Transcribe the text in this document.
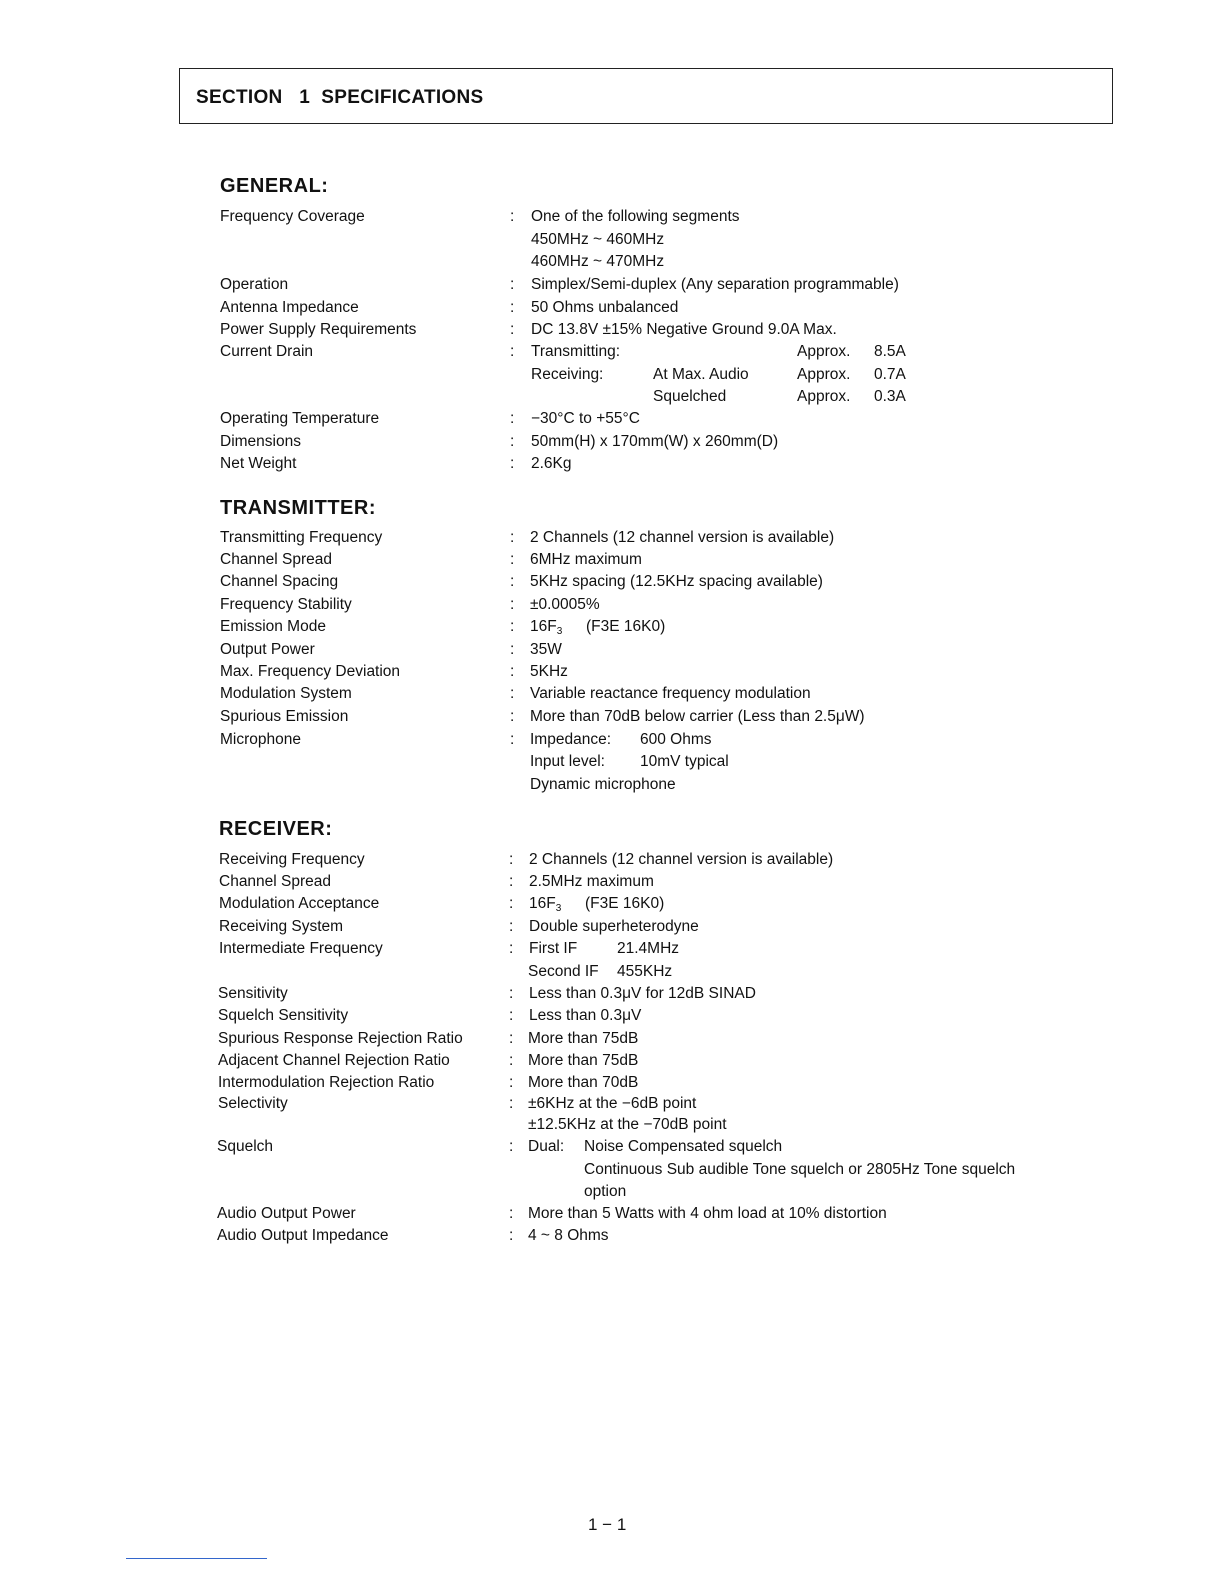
SECTION   1  SPECIFICATIONS
GENERAL:
Frequency Coverage	: One of the following segments
450MHz ~ 460MHz
460MHz ~ 470MHz
Operation	: Simplex/Semi-duplex (Any separation programmable)
Antenna Impedance	: 50 Ohms unbalanced
Power Supply Requirements	: DC 13.8V ±15% Negative Ground 9.0A Max.
Current Drain	: Transmitting:	Approx. 8.5A
Receiving:	At Max. Audio	Approx. 0.7A
Squelched	Approx. 0.3A
Operating Temperature	: −30°C to +55°C
Dimensions	: 50mm(H) x 170mm(W) x 260mm(D)
Net Weight	: 2.6Kg
TRANSMITTER:
Transmitting Frequency	: 2 Channels (12 channel version is available)
Channel Spread	: 6MHz maximum
Channel Spacing	: 5KHz spacing (12.5KHz spacing available)
Frequency Stability	: ±0.0005%
Emission Mode	: $16F_3$ (F3E 16K0)
Output Power	: 35W
Max. Frequency Deviation	: 5KHz
Modulation System	: Variable reactance frequency modulation
Spurious Emission	: More than 70dB below carrier (Less than 2.5μW)
Microphone	: Impedance: 600 Ohms
Input level: 10mV typical
Dynamic microphone
RECEIVER:
Receiving Frequency	: 2 Channels (12 channel version is available)
Channel Spread	: 2.5MHz maximum
Modulation Acceptance	: $16F_3$ (F3E 16K0)
Receiving System	: Double superheterodyne
Intermediate Frequency	: First IF	21.4MHz
Second IF 455KHz
Sensitivity	: Less than 0.3μV for 12dB SINAD
Squelch Sensitivity	: Less than 0.3μV
Spurious Response Rejection Ratio	: More than 75dB
Adjacent Channel Rejection Ratio	: More than 75dB
Intermodulation Rejection Ratio	: More than 70dB
Selectivity	: ±6KHz at the −6dB point
±12.5KHz at the −70dB point
Squelch	: Dual: Noise Compensated squelch
Continuous Sub audible Tone squelch or 2805Hz Tone squelch
option
Audio Output Power	: More than 5 Watts with 4 ohm load at 10% distortion
Audio Output Impedance	: 4 ~ 8 Ohms
1 − 1
